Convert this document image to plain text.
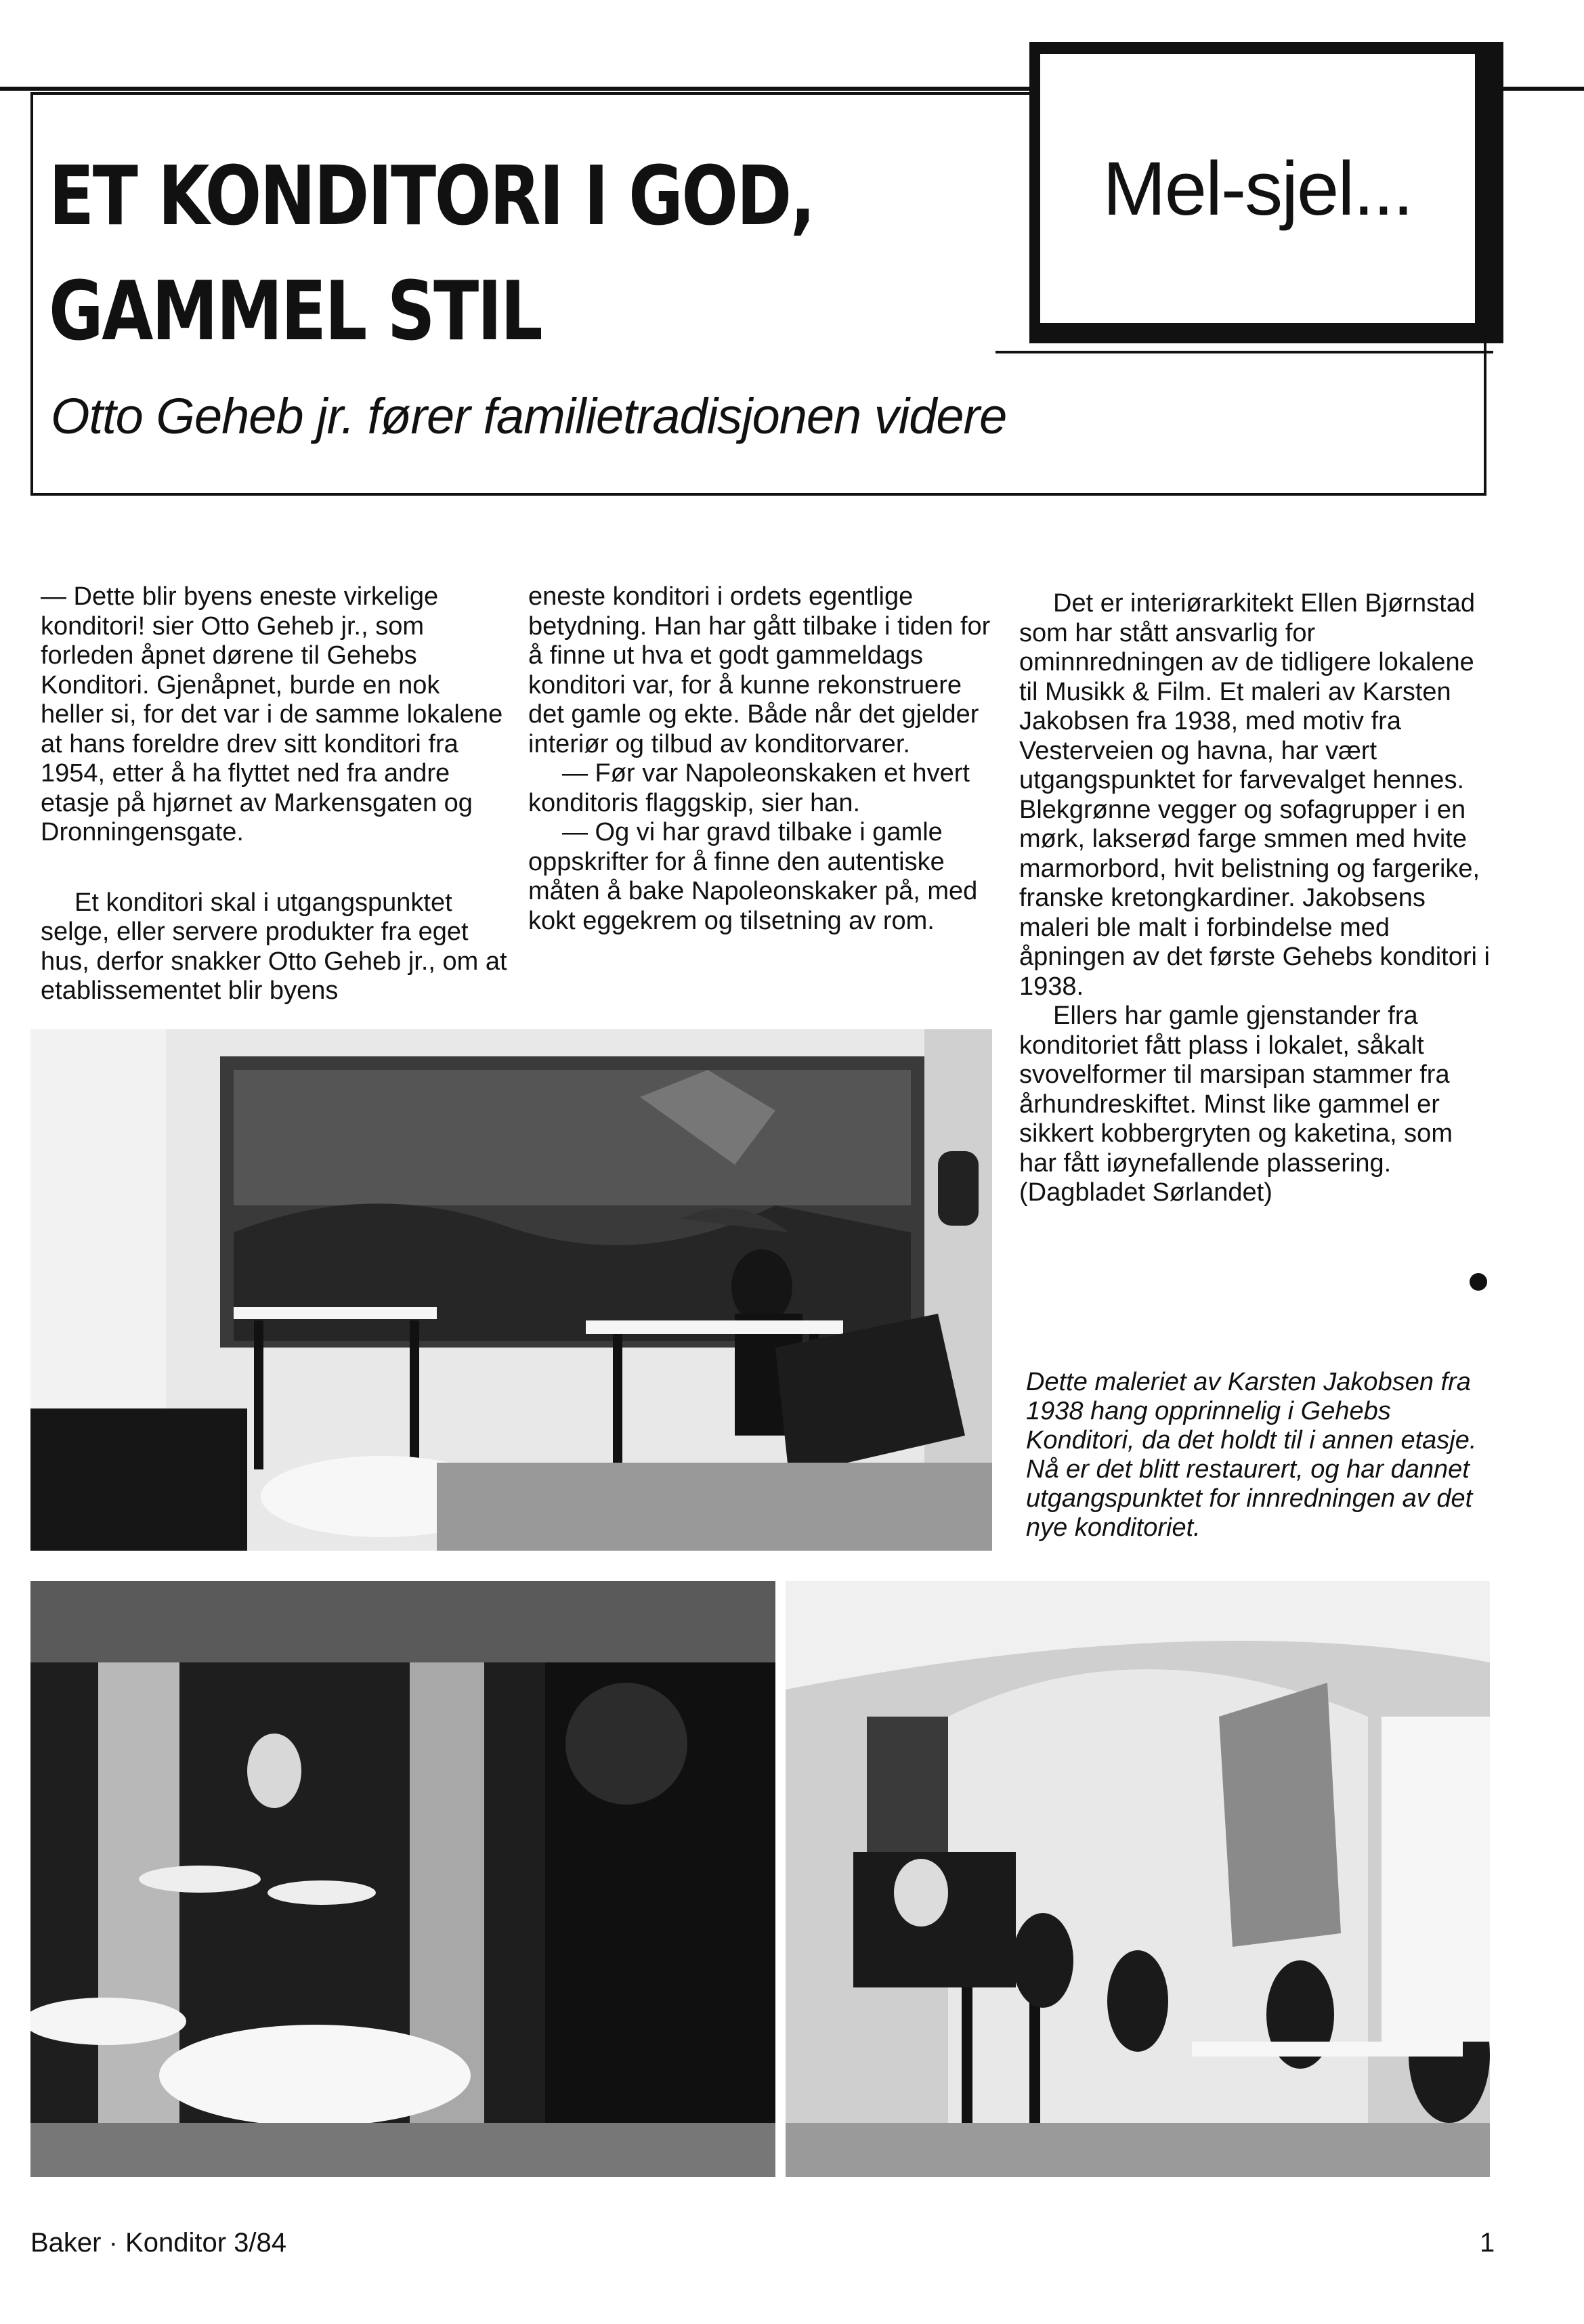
ET KONDITORI I GOD,
GAMMEL STIL

Otto Geheb jr. fører familietradisjonen videre

Mel-sjel...

— Dette blir byens eneste virkelige konditori! sier Otto Geheb jr., som forleden åpnet dørene til Gehebs Konditori. Gjenåpnet, burde en nok heller si, for det var i de samme lokalene at hans foreldre drev sitt konditori fra 1954, etter å ha flyttet ned fra andre etasje på hjørnet av Markensgaten og Dronningensgate.

Et konditori skal i utgangspunktet selge, eller servere produkter fra eget hus, derfor snakker Otto Geheb jr., om at etablissementet blir byens

eneste konditori i ordets egentlige betydning. Han har gått tilbake i tiden for å finne ut hva et godt gammeldags konditori var, for å kunne rekonstruere det gamle og ekte. Både når det gjelder interiør og tilbud av konditorvarer.

— Før var Napoleonskaken et hvert konditoris flaggskip, sier han.

— Og vi har gravd tilbake i gamle oppskrifter for å finne den autentiske måten å bake Napoleonskaker på, med kokt eggekrem og tilsetning av rom.

Det er interiørarkitekt Ellen Bjørnstad som har stått ansvarlig for ominnredningen av de tidligere lokalene til Musikk & Film. Et maleri av Karsten Jakobsen fra 1938, med motiv fra Vesterveien og havna, har vært utgangspunktet for farvevalget hennes. Blekgrønne vegger og sofagrupper i en mørk, lakserød farge smmen med hvite marmorbord, hvit belistning og fargerike, franske kretongkardiner. Jakobsens maleri ble malt i forbindelse med åpningen av det første Gehebs konditori i 1938.

Ellers har gamle gjenstander fra konditoriet fått plass i lokalet, såkalt svovelformer til marsipan stammer fra århundreskiftet. Minst like gammel er sikkert kobbergryten og kaketina, som har fått iøynefallende plassering.

(Dagbladet Sørlandet)

Dette maleriet av Karsten Jakobsen fra 1938 hang opprinnelig i Gehebs Konditori, da det holdt til i annen etasje. Nå er det blitt restaurert, og har dannet utgangspunktet for innredningen av det nye konditoriet.

Baker · Konditor 3/84	1
